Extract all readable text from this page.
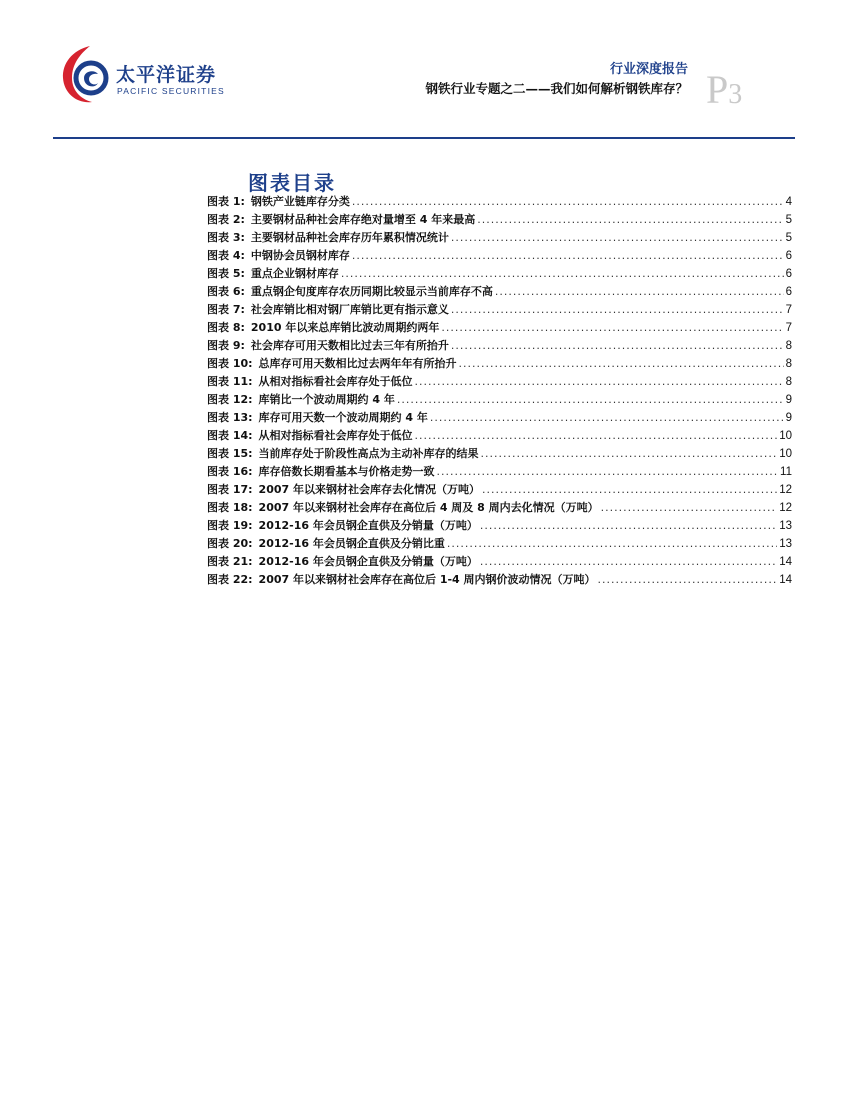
太平洋证券
PACIFIC SECURITIES
行业深度报告
钢铁行业专题之二——我们如何解析钢铁库存？ P3
图表目录
图表 1: 钢铁产业链库存分类 .....	4
图表 2: 主要钢材品种社会库存绝对量增至 4 年来最高 .....	5
图表 3: 主要钢材品种社会库存历年累积情况统计 .....	5
图表 4: 中钢协会员钢材库存 .....	6
图表 5: 重点企业钢材库存 .....	6
图表 6: 重点钢企旬度库存农历同期比较显示当前库存不高 .....	6
图表 7: 社会库销比相对钢厂库销比更有指示意义 .....	7
图表 8: 2010 年以来总库销比波动周期约两年 .....	7
图表 9: 社会库存可用天数相比过去三年有所抬升 .....	8
图表 10: 总库存可用天数相比过去两年年有所抬升 .....	8
图表 11: 从相对指标看社会库存处于低位 .....	8
图表 12: 库销比一个波动周期约 4 年 .....	9
图表 13: 库存可用天数一个波动周期约 4 年 .....	9
图表 14: 从相对指标看社会库存处于低位 .....	10
图表 15: 当前库存处于阶段性高点为主动补库存的结果 .....	10
图表 16: 库存倍数长期看基本与价格走势一致 .....	11
图表 17: 2007 年以来钢材社会库存去化情况（万吨） .....	12
图表 18: 2007 年以来钢材社会库存在高位后 4 周及 8 周内去化情况（万吨） .....	12
图表 19: 2012-16 年会员钢企直供及分销量（万吨） .....	13
图表 20: 2012-16 年会员钢企直供及分销比重 .....	13
图表 21: 2012-16 年会员钢企直供及分销量（万吨） .....	14
图表 22: 2007 年以来钢材社会库存在高位后 1-4 周内钢价波动情况（万吨） .....	14
